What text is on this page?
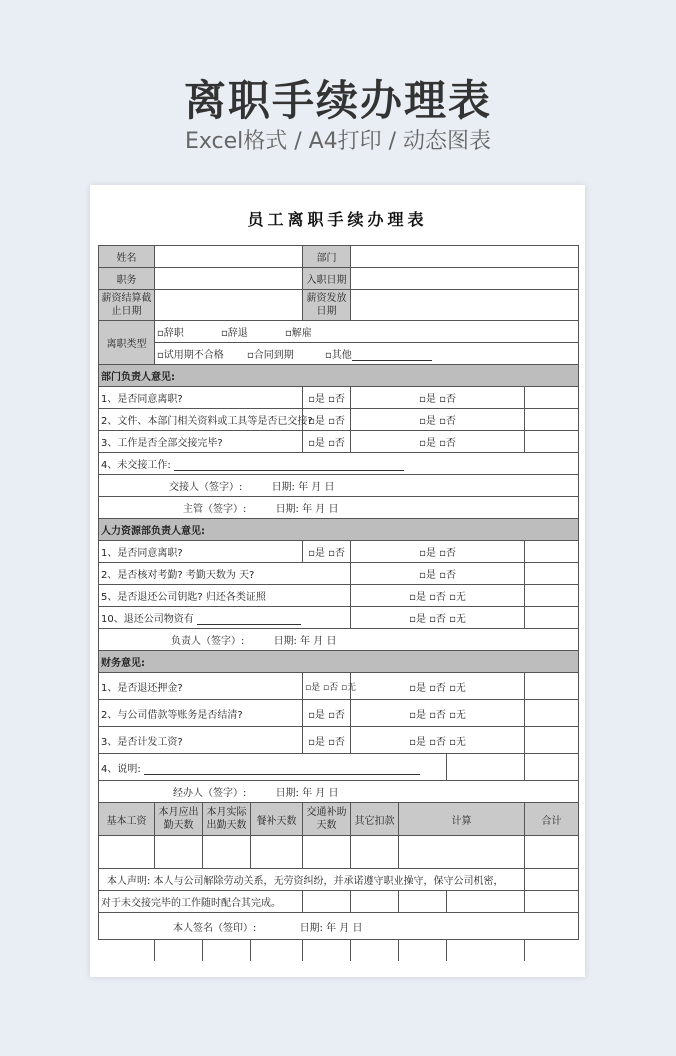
离职手续办理表
Excel格式 / A4打印 / 动态图表
员工离职手续办理表
姓名				部门				
职务				入职日期				
薪资结算截止日期				薪资发放日期				
离职类型	▫辞职 ▫辞退 ▫解雇							
	▫试用期不合格 ▫合同到期 ▫其他							
部门负责人意见:								
1、是否同意离职?				▫是 ▫否	▫是 ▫否			
2、文件、本部门相关资料或工具等是否已交接?				▫是 ▫否	▫是 ▫否			
3、工作是否全部交接完毕?				▫是 ▫否	▫是 ▫否			
4、未交接工作:								
交接人（签字）: 日期: 年 月 日								
主管（签字）: 日期: 年 月 日								
人力资源部负责人意见:								
1、是否同意离职?				▫是 ▫否	▫是 ▫否			
2、是否核对考勤? 考勤天数为 天?					▫是 ▫否			
5、是否退还公司钥匙? 归还各类证照					▫是 ▫否 ▫无			
10、退还公司物资有					▫是 ▫否 ▫无			
负责人（签字）: 日期: 年 月 日								
财务意见:								
1、是否退还押金?				▫是 ▫否 ▫无	▫是 ▫否 ▫无			
2、与公司借款等账务是否结清?				▫是 ▫否	▫是 ▫否 ▫无			
3、是否计发工资?				▫是 ▫否	▫是 ▫否 ▫无			
4、说明:								
经办人（签字）: 日期: 年 月 日								
基本工资	本月应出勤天数	本月实际出勤天数	餐补天数	交通补助天数	其它扣款	计算		合计

本人声明: 本人与公司解除劳动关系，无劳资纠纷，并承诺遵守职业操守，保守公司机密，								
对于未交接完毕的工作随时配合其完成。								
本人签名（签印）: 日期: 年 月 日								
